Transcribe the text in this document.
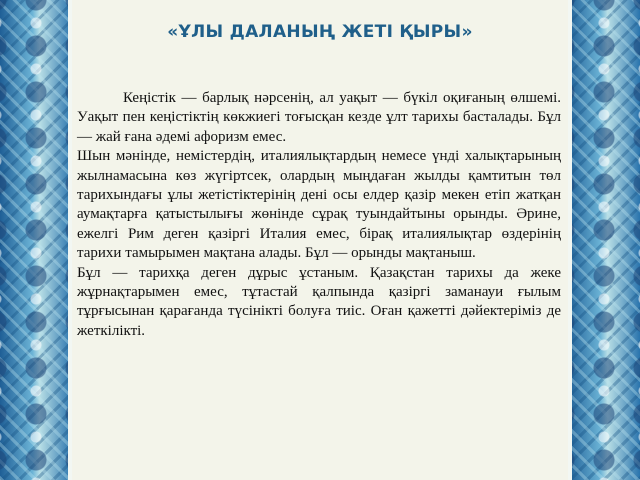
«ҰЛЫ ДАЛАНЫҢ ЖЕТІ ҚЫРЫ»

Кеңістік — барлық нәрсенің, ал уақыт — бүкіл оқиғаның өлшемі. Уақыт пен кеңістіктің көкжиегі тоғысқан кезде ұлт тарихы басталады. Бұл — жай ғана әдемі афоризм емес.

Шын мәнінде, немістердің, италиялықтардың немесе үнді халықтарының жылнамасына көз жүгіртсек, олардың мыңдаған жылды қамтитын төл тарихындағы ұлы жетістіктерінің дені осы елдер қазір мекен етіп жатқан аумақтарға қатыстылығы жөнінде сұрақ туындайтыны орынды. Әрине, ежелгі Рим деген қазіргі Италия емес, бірақ италиялықтар өздерінің тарихи тамырымен мақтана алады. Бұл — орынды мақтаныш.

Бұл — тарихқа деген дұрыс ұстаным. Қазақстан тарихы да жеке жұрнақтарымен емес, тұтастай қалпында қазіргі заманауи ғылым тұрғысынан қарағанда түсінікті болуға тиіс. Оған қажетті дәйектеріміз де жеткілікті.
